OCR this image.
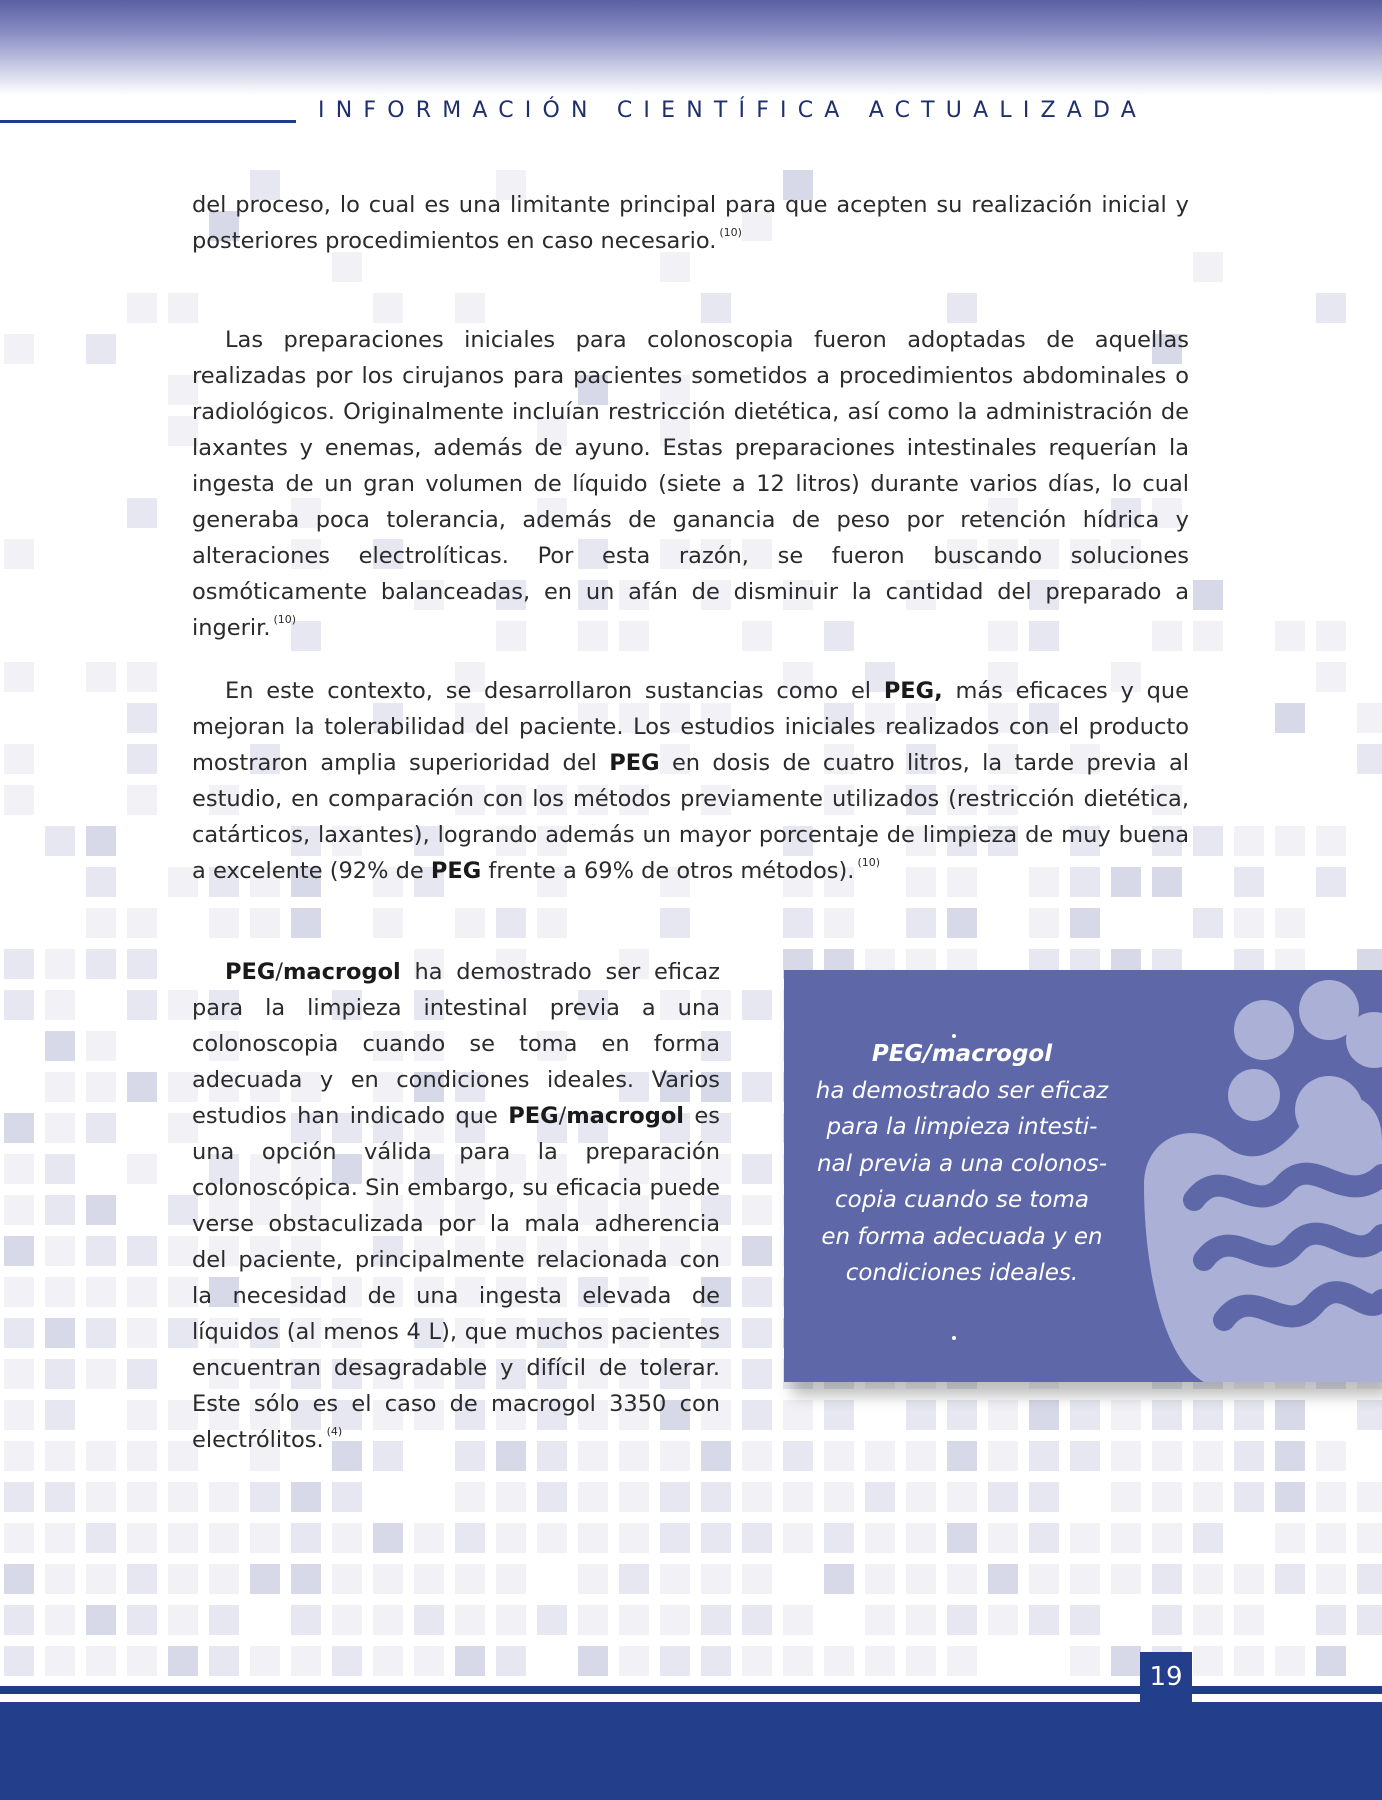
INFORMACIÓN CIENTÍFICA ACTUALIZADA

del proceso, lo cual es una limitante principal para que acepten su realización inicial y posteriores procedimientos en caso necesario. $^{(10)}$

Las preparaciones iniciales para colonoscopia fueron adoptadas de aquellas realizadas por los cirujanos para pacientes sometidos a procedimientos abdominales o radiológicos. Originalmente incluían restricción dietética, así como la administración de laxantes y enemas, además de ayuno. Estas preparaciones intestinales requerían la ingesta de un gran volumen de líquido (siete a 12 litros) durante varios días, lo cual generaba poca tolerancia, además de ganancia de peso por retención hídrica y alteraciones electrolíticas. Por esta razón, se fueron buscando soluciones osmóticamente balanceadas, en un afán de disminuir la cantidad del preparado a ingerir. $^{(10)}$

En este contexto, se desarrollaron sustancias como el PEG, más eficaces y que mejoran la tolerabilidad del paciente. Los estudios iniciales realizados con el producto mostraron amplia superioridad del PEG en dosis de cuatro litros, la tarde previa al estudio, en comparación con los métodos previamente utilizados (restricción dietética, catárticos, laxantes), logrando además un mayor porcentaje de limpieza de muy buena a excelente (92% de PEG frente a 69% de otros métodos). $^{(10)}$

PEG/macrogol ha demostrado ser eficaz para la limpieza intestinal previa a una colonoscopia cuando se toma en forma adecuada y en condiciones ideales. Varios estudios han indicado que PEG/macrogol es una opción válida para la preparación colonoscópica. Sin embargo, su eficacia puede verse obstaculizada por la mala adherencia del paciente, principalmente relacionada con la necesidad de una ingesta elevada de líquidos (al menos 4 L), que muchos pacientes encuentran desagradable y difícil de tolerar. Este sólo es el caso de macrogol 3350 con electrólitos. $^{(4)}$

PEG/macrogol
ha demostrado ser eficaz
para la limpieza intesti-
nal previa a una colonos-
copia cuando se toma
en forma adecuada y en
condiciones ideales.
19
